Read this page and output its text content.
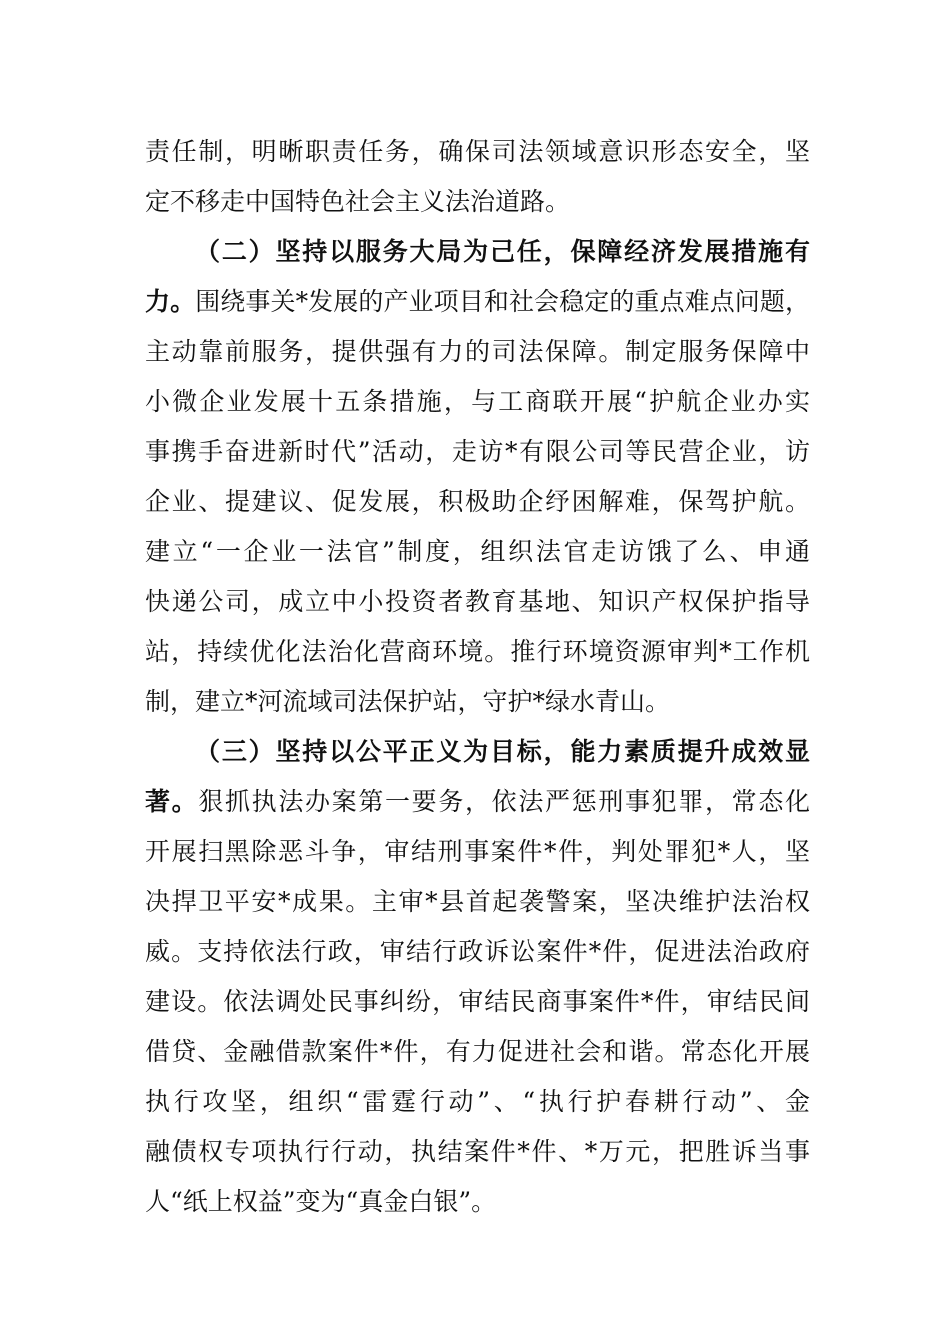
责任制，明晰职责任务，确保司法领域意识形态安全，坚
定不移走中国特色社会主义法治道路。
（二）坚持以服务大局为己任，保障经济发展措施有
力。围绕事关*发展的产业项目和社会稳定的重点难点问题，
主动靠前服务，提供强有力的司法保障。制定服务保障中
小微企业发展十五条措施，与工商联开展“护航企业办实
事携手奋进新时代”活动，走访*有限公司等民营企业，访
企业、提建议、促发展，积极助企纾困解难，保驾护航。
建立“一企业一法官”制度，组织法官走访饿了么、申通
快递公司，成立中小投资者教育基地、知识产权保护指导
站，持续优化法治化营商环境。推行环境资源审判*工作机
制，建立*河流域司法保护站，守护*绿水青山。
（三）坚持以公平正义为目标，能力素质提升成效显
著。狠抓执法办案第一要务，依法严惩刑事犯罪，常态化
开展扫黑除恶斗争，审结刑事案件*件，判处罪犯*人，坚
决捍卫平安*成果。主审*县首起袭警案，坚决维护法治权
威。支持依法行政，审结行政诉讼案件*件，促进法治政府
建设。依法调处民事纠纷，审结民商事案件*件，审结民间
借贷、金融借款案件*件，有力促进社会和谐。常态化开展
执行攻坚，组织“雷霆行动”、“执行护春耕行动”、金
融债权专项执行行动，执结案件*件、*万元，把胜诉当事
人“纸上权益”变为“真金白银”。
